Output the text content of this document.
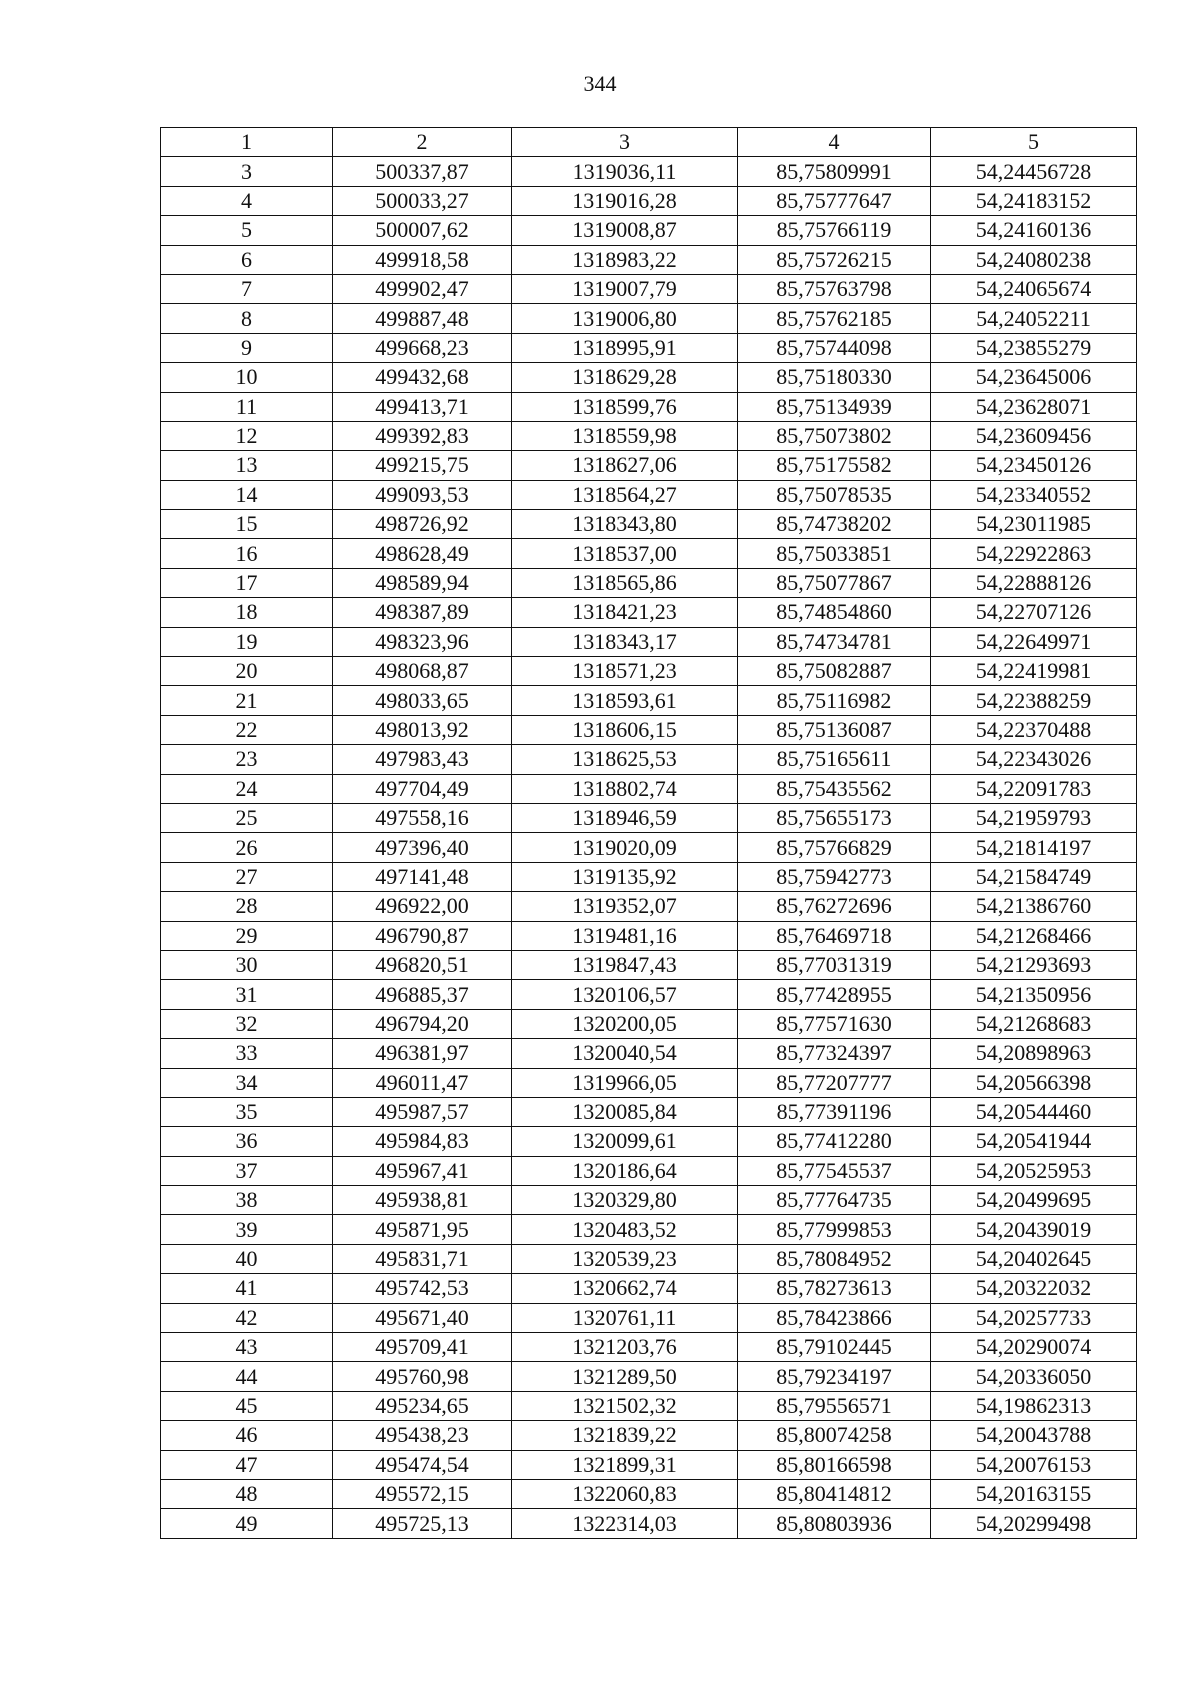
344
1	2	3	4	5
3	500337,87	1319036,11	85,75809991	54,24456728
4	500033,27	1319016,28	85,75777647	54,24183152
5	500007,62	1319008,87	85,75766119	54,24160136
6	499918,58	1318983,22	85,75726215	54,24080238
7	499902,47	1319007,79	85,75763798	54,24065674
8	499887,48	1319006,80	85,75762185	54,24052211
9	499668,23	1318995,91	85,75744098	54,23855279
10	499432,68	1318629,28	85,75180330	54,23645006
11	499413,71	1318599,76	85,75134939	54,23628071
12	499392,83	1318559,98	85,75073802	54,23609456
13	499215,75	1318627,06	85,75175582	54,23450126
14	499093,53	1318564,27	85,75078535	54,23340552
15	498726,92	1318343,80	85,74738202	54,23011985
16	498628,49	1318537,00	85,75033851	54,22922863
17	498589,94	1318565,86	85,75077867	54,22888126
18	498387,89	1318421,23	85,74854860	54,22707126
19	498323,96	1318343,17	85,74734781	54,22649971
20	498068,87	1318571,23	85,75082887	54,22419981
21	498033,65	1318593,61	85,75116982	54,22388259
22	498013,92	1318606,15	85,75136087	54,22370488
23	497983,43	1318625,53	85,75165611	54,22343026
24	497704,49	1318802,74	85,75435562	54,22091783
25	497558,16	1318946,59	85,75655173	54,21959793
26	497396,40	1319020,09	85,75766829	54,21814197
27	497141,48	1319135,92	85,75942773	54,21584749
28	496922,00	1319352,07	85,76272696	54,21386760
29	496790,87	1319481,16	85,76469718	54,21268466
30	496820,51	1319847,43	85,77031319	54,21293693
31	496885,37	1320106,57	85,77428955	54,21350956
32	496794,20	1320200,05	85,77571630	54,21268683
33	496381,97	1320040,54	85,77324397	54,20898963
34	496011,47	1319966,05	85,77207777	54,20566398
35	495987,57	1320085,84	85,77391196	54,20544460
36	495984,83	1320099,61	85,77412280	54,20541944
37	495967,41	1320186,64	85,77545537	54,20525953
38	495938,81	1320329,80	85,77764735	54,20499695
39	495871,95	1320483,52	85,77999853	54,20439019
40	495831,71	1320539,23	85,78084952	54,20402645
41	495742,53	1320662,74	85,78273613	54,20322032
42	495671,40	1320761,11	85,78423866	54,20257733
43	495709,41	1321203,76	85,79102445	54,20290074
44	495760,98	1321289,50	85,79234197	54,20336050
45	495234,65	1321502,32	85,79556571	54,19862313
46	495438,23	1321839,22	85,80074258	54,20043788
47	495474,54	1321899,31	85,80166598	54,20076153
48	495572,15	1322060,83	85,80414812	54,20163155
49	495725,13	1322314,03	85,80803936	54,20299498
